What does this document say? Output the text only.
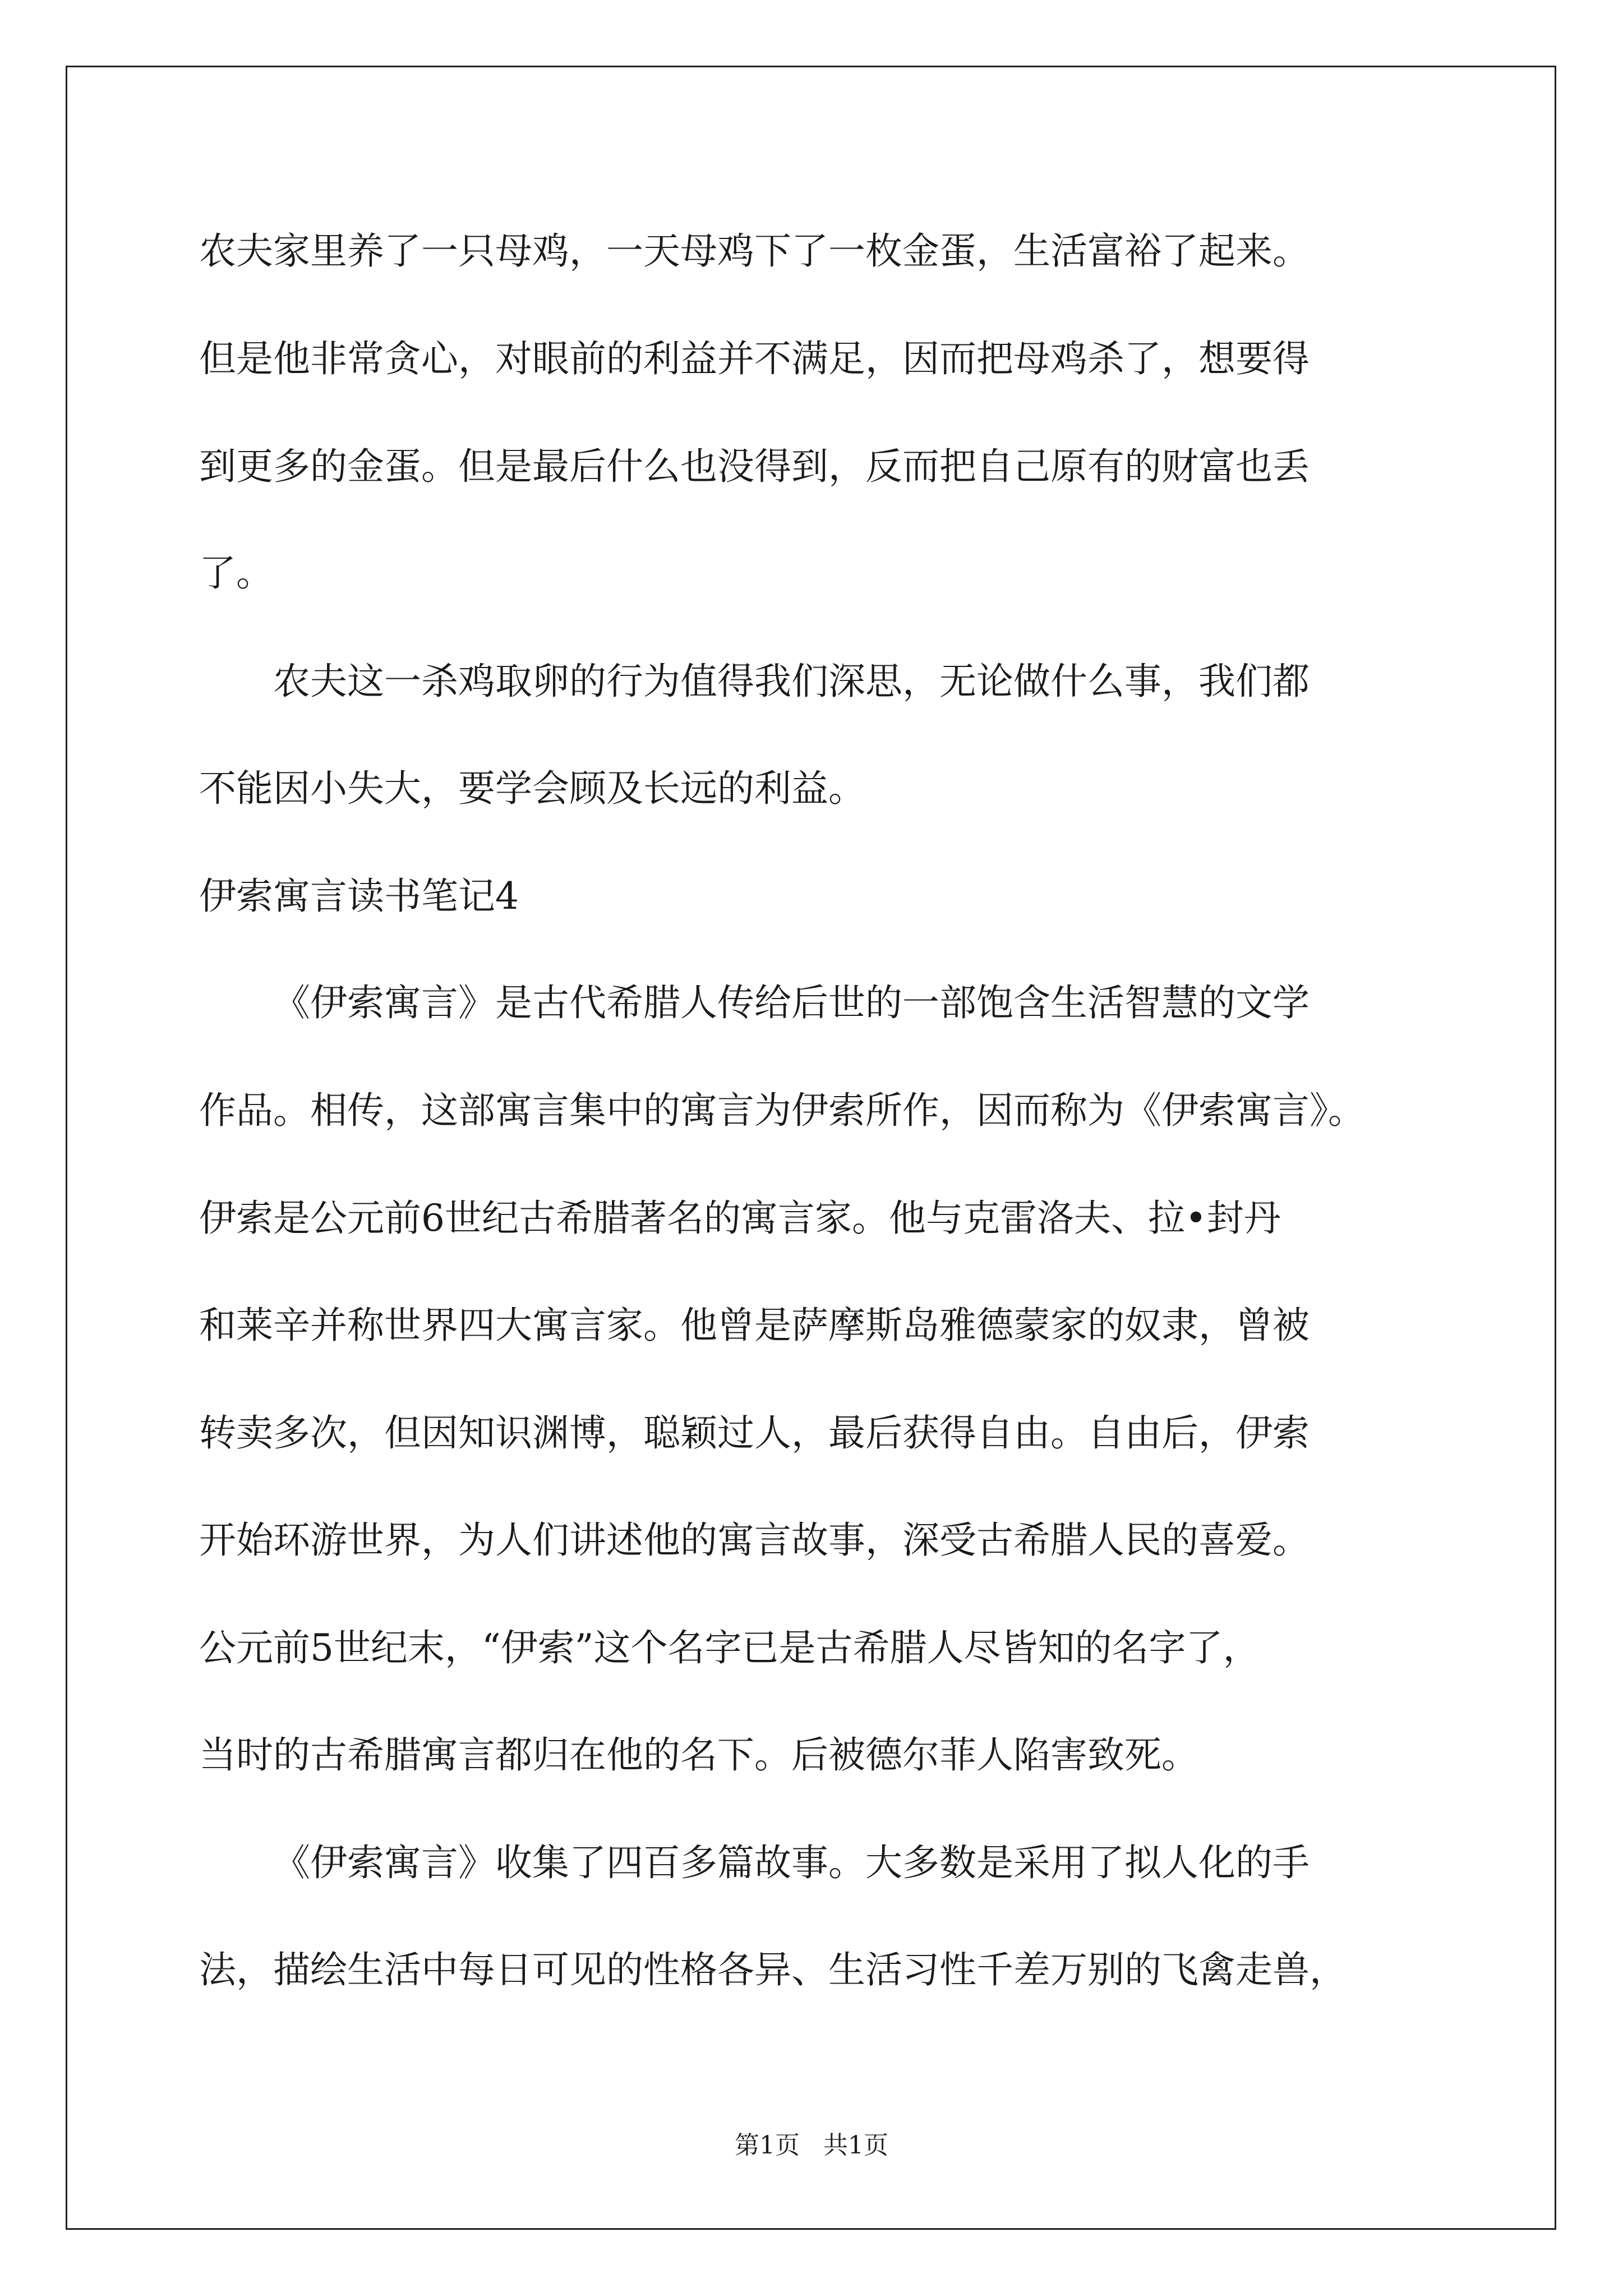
农夫家里养了一只母鸡，一天母鸡下了一枚金蛋，生活富裕了起来。
但是他非常贪心，对眼前的利益并不满足，因而把母鸡杀了，想要得
到更多的金蛋。但是最后什么也没得到，反而把自己原有的财富也丢
了。
农夫这一杀鸡取卵的行为值得我们深思，无论做什么事，我们都
不能因小失大，要学会顾及长远的利益。
伊索寓言读书笔记4
《伊索寓言》是古代希腊人传给后世的一部饱含生活智慧的文学
作品。相传，这部寓言集中的寓言为伊索所作，因而称为《伊索寓言》。
伊索是公元前6世纪古希腊著名的寓言家。他与克雷洛夫、拉•封丹
和莱辛并称世界四大寓言家。他曾是萨摩斯岛雅德蒙家的奴隶，曾被
转卖多次，但因知识渊博，聪颖过人，最后获得自由。自由后，伊索
开始环游世界，为人们讲述他的寓言故事，深受古希腊人民的喜爱。
公元前5世纪末，“伊索”这个名字已是古希腊人尽皆知的名字了，
当时的古希腊寓言都归在他的名下。后被德尔菲人陷害致死。
《伊索寓言》收集了四百多篇故事。大多数是采用了拟人化的手
法，描绘生活中每日可见的性格各异、生活习性千差万别的飞禽走兽，
第1页   共1页
